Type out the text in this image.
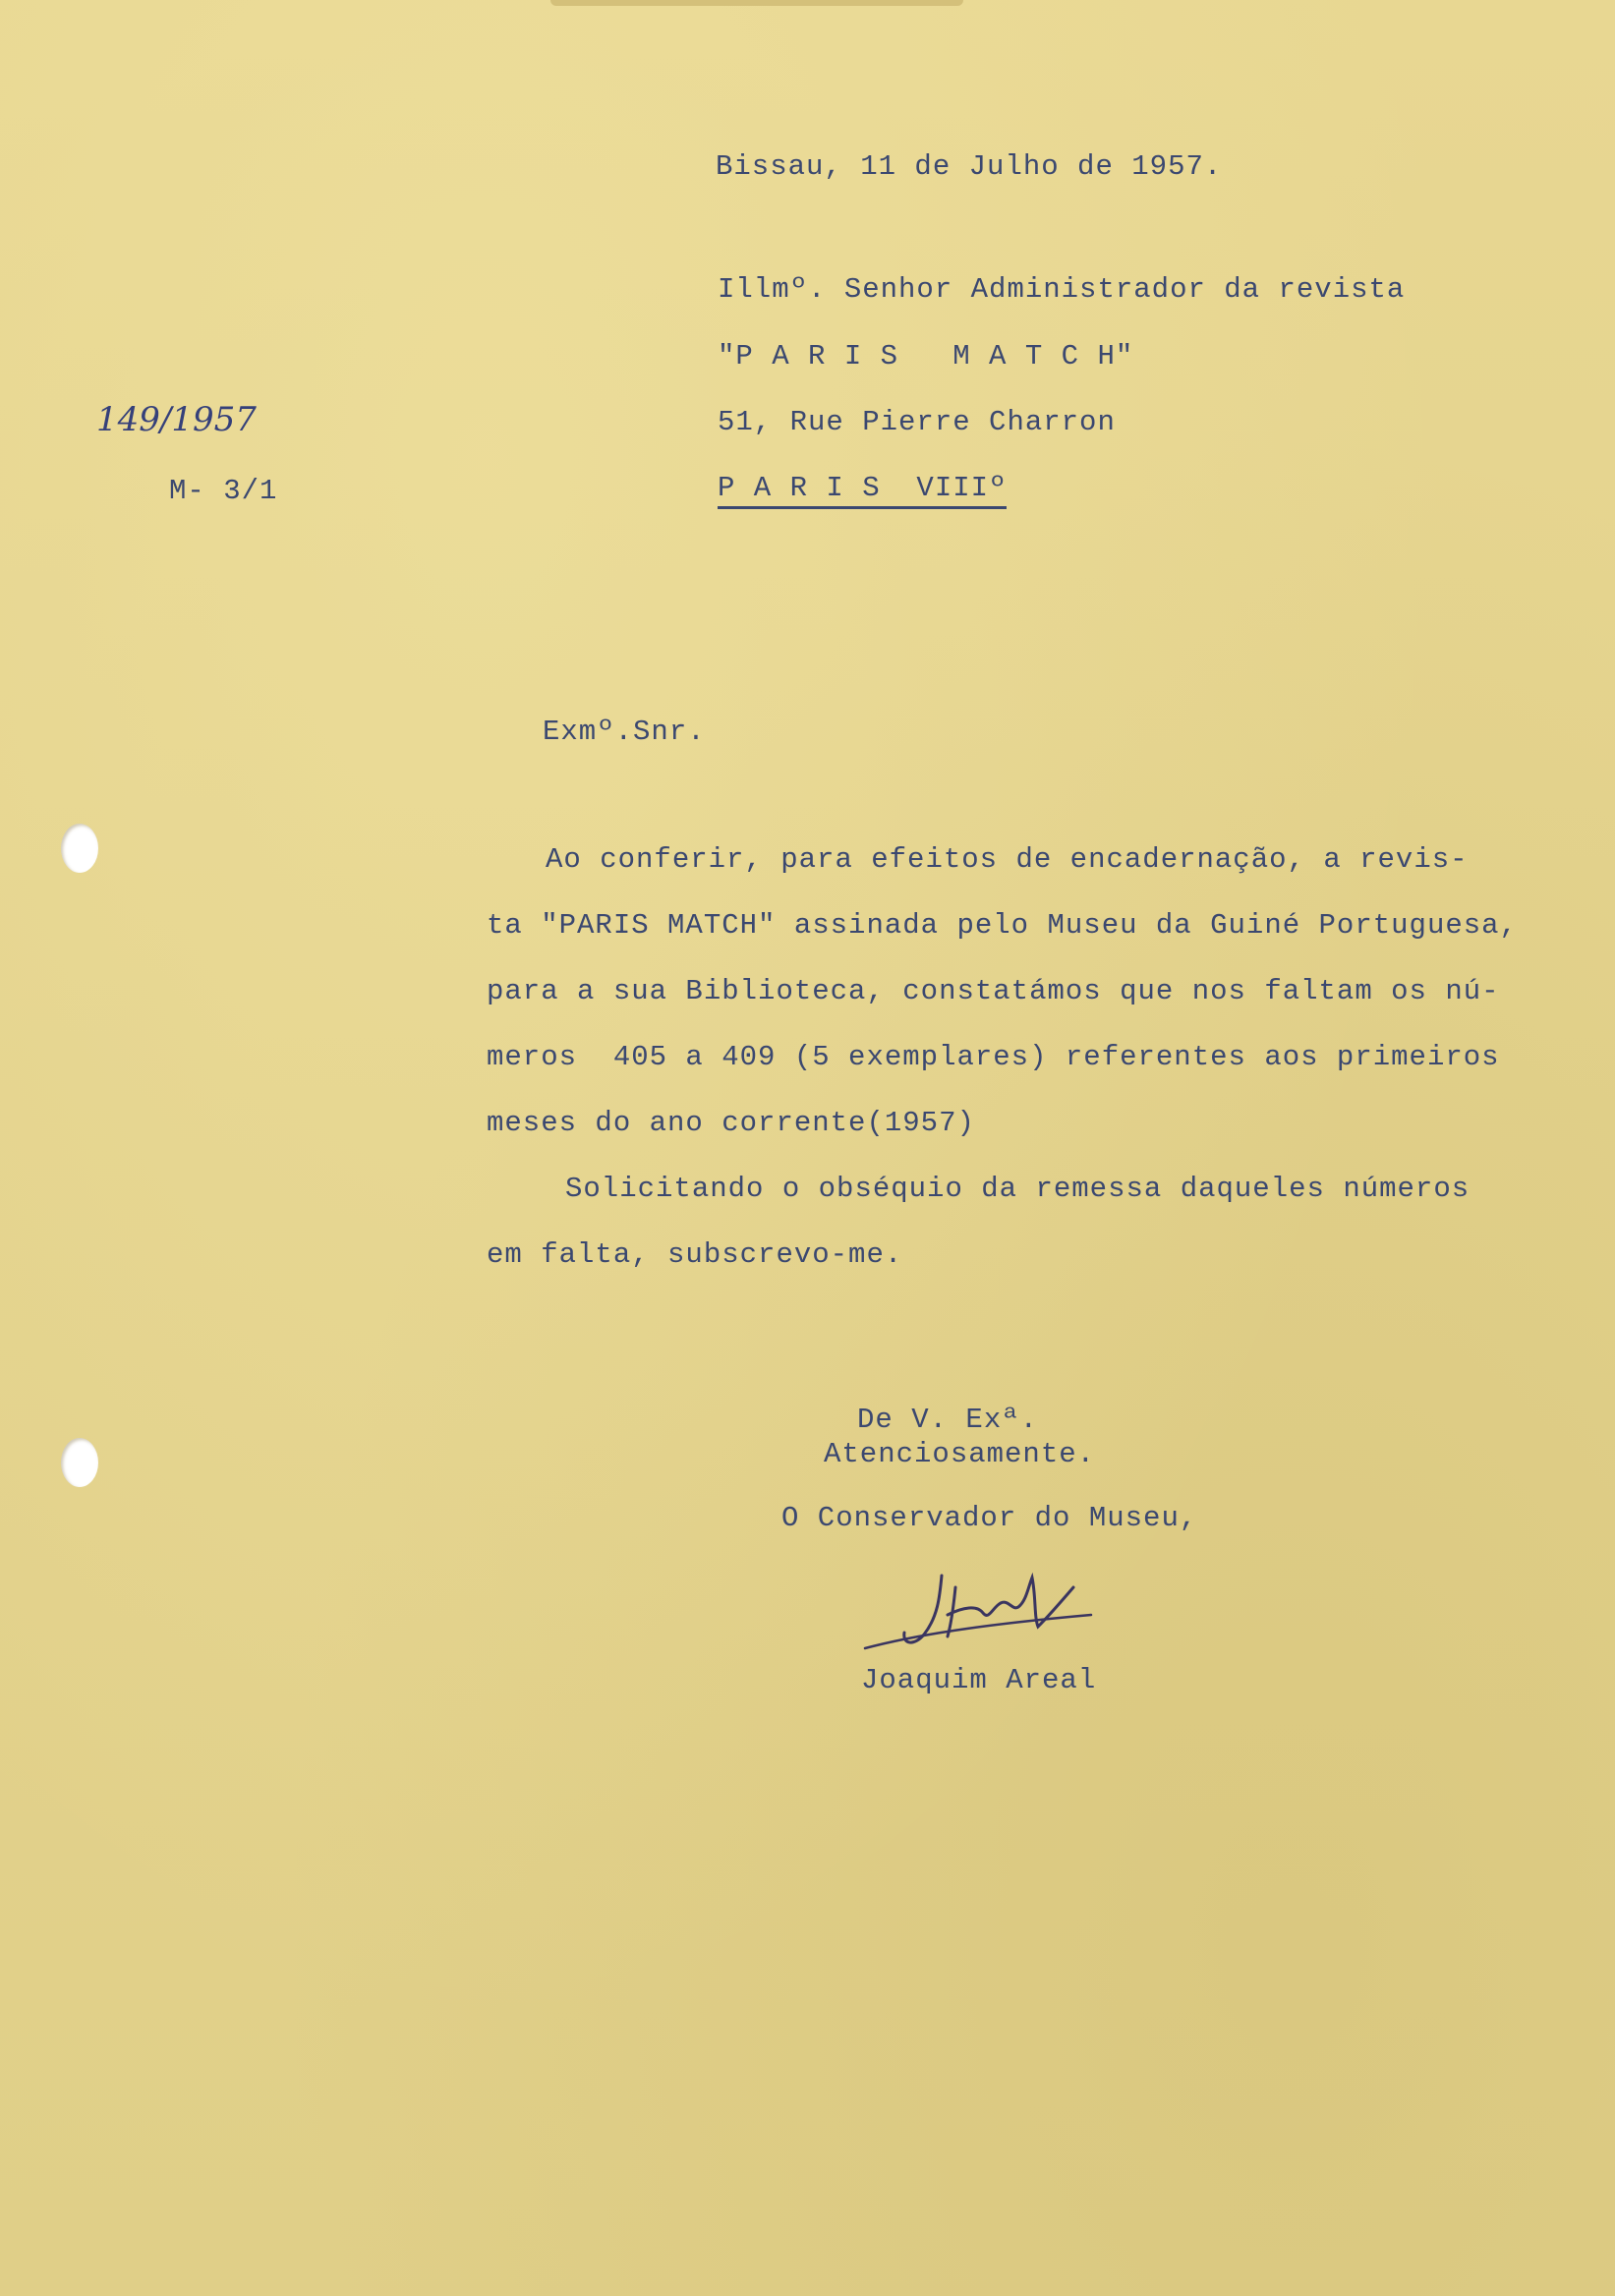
Bissau, 11 de Julho de 1957.
149/1957
M- 3/1
Illmº. Senhor Administrador da revista
"P A R I S   M A T C H"
51, Rue Pierre Charron
P A R I S  VIIIº
Exmº.Snr.
Ao conferir, para efeitos de encadernação, a revis-
ta "PARIS MATCH" assinada pelo Museu da Guiné Portuguesa,
para a sua Biblioteca, constatámos que nos faltam os nú-
meros  405 a 409 (5 exemplares) referentes aos primeiros
meses do ano corrente(1957)
Solicitando o obséquio da remessa daqueles números
em falta, subscrevo-me.
De V. Exª.
Atenciosamente.
O Conservador do Museu,
JAreal
Joaquim Areal
